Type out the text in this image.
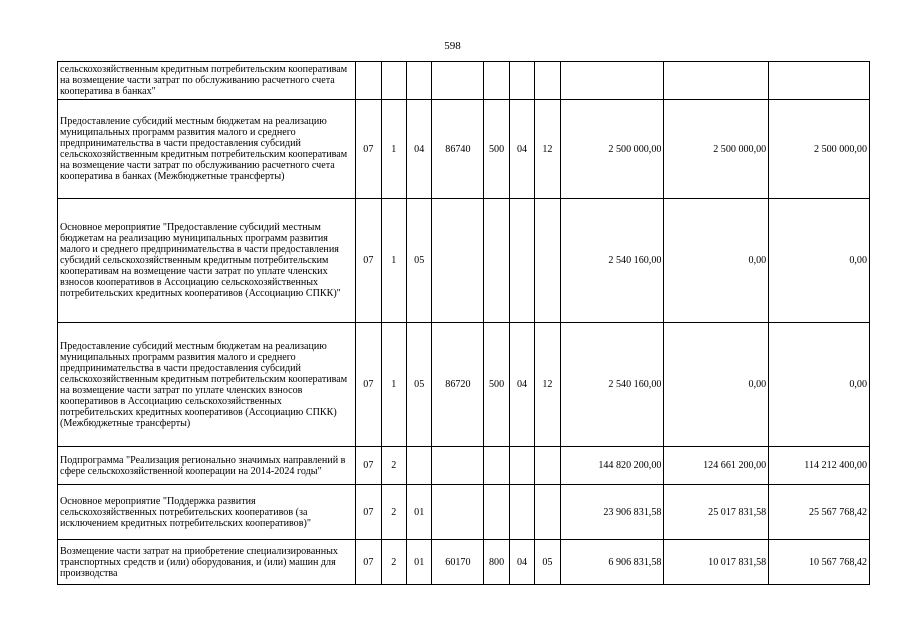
598
сельскохозяйственным кредитным потребительским кооперативам на возмещение части затрат по обслуживанию расчетного счета кооператива в банках"										
Предоставление субсидий местным бюджетам на реализацию муниципальных программ развития малого и среднего предпринимательства в части предоставления субсидий сельскохозяйственным кредитным потребительским кооперативам на возмещение части затрат по обслуживанию расчетного счета кооператива в банках (Межбюджетные трансферты)	07	1	04	86740	500	04	12	2 500 000,00	2 500 000,00	2 500 000,00
Основное мероприятие "Предоставление субсидий местным бюджетам на реализацию муниципальных программ развития малого и среднего предпринимательства в части предоставления субсидий сельскохозяйственным кредитным потребительским кооперативам на возмещение части затрат по уплате членских взносов кооперативов в Ассоциацию сельскохозяйственных потребительских кредитных кооперативов (Ассоциацию СПКК)"	07	1	05					2 540 160,00	0,00	0,00
Предоставление субсидий местным бюджетам на реализацию муниципальных программ развития малого и среднего предпринимательства в части предоставления субсидий сельскохозяйственным кредитным потребительским кооперативам на возмещение части затрат по уплате членских взносов кооперативов в Ассоциацию сельскохозяйственных потребительских кредитных кооперативов (Ассоциацию СПКК) (Межбюджетные трансферты)	07	1	05	86720	500	04	12	2 540 160,00	0,00	0,00
Подпрограмма "Реализация регионально значимых направлений в сфере сельскохозяйственной кооперации на 2014-2024 годы"	07	2						144 820 200,00	124 661 200,00	114 212 400,00
Основное мероприятие "Поддержка развития сельскохозяйственных потребительских кооперативов (за исключением кредитных потребительских кооперативов)"	07	2	01					23 906 831,58	25 017 831,58	25 567 768,42
Возмещение части затрат на приобретение специализированных транспортных средств и (или) оборудования, и (или) машин для производства	07	2	01	60170	800	04	05	6 906 831,58	10 017 831,58	10 567 768,42
